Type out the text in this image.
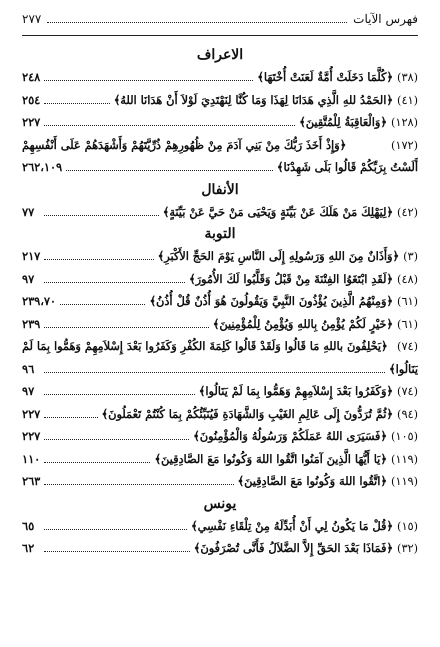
فهرس الآيات
٢٧٧
الاعراف
(٣٨)
﴿كُلَّمَا دَخَلَتْ أُمَّةٌ لَعَنَتْ أُخْتَهَا﴾
٢٤٨
(٤١)
﴿الحَمْدُ للهِ الَّذِي هَدَانَا لِهَذَا وَمَا كُنَّا لِنَهْتَدِيَ لَوْلاَ أَنْ هَدَانَا اللهُ﴾
٢٥٤
(١٢٨)
﴿وَالْعَاقِبَةُ لِلْمُتَّقِينَ﴾
٢٢٧
(١٧٢)
﴿وَإِذْ أَخَذَ رَبُّكَ مِنْ بَنِي آدَمَ مِنْ ظُهُورِهِمْ ذُرِّيَّتَهُمْ وَأَشْهَدَهُمْ عَلَى أَنْفُسِهِمْ
أَلَسْتُ بِرَبِّكُمْ قَالُوا بَلَى شَهِدْنَا﴾
٢٦٢،١٠٩
الأنفال
(٤٢)
﴿لِيَهْلِكَ مَنْ هَلَكَ عَنْ بَيِّنَةٍ وَيَحْيَى مَنْ حَيَّ عَنْ بَيِّنَةٍ﴾
٧٧
التوبة
(٣)
﴿وَأَذَانٌ مِنَ اللهِ وَرَسُولِهِ إِلَى النَّاسِ يَوْمَ الحَجِّ الأَكْبَرِ﴾
٢١٧
(٤٨)
﴿لَقَدِ ابْتَغَوُا الفِتْنَةَ مِنْ قَبْلُ وَقَلَّبُوا لَكَ الأُمُورَ﴾
٩٧
(٦١)
﴿وَمِنْهُمُ الَّذِينَ يُؤْذُونَ النَّبِيَّ وَيَقُولُونَ هُوَ أُذُنٌ قُلْ أُذُنُ﴾
٢٣٩،٧٠
(٦١)
﴿خَيْرٍ لَكُمْ يُؤْمِنُ بِاللهِ وَيُؤْمِنُ لِلْمُؤْمِنِينَ﴾
٢٣٩
(٧٤)
﴿يَحْلِفُونَ باللهِ مَا قَالُوا وَلَقَدْ قَالُوا كَلِمَةَ الكُفْرِ وَكَفَرُوا بَعْدَ إِسْلاَمِهِمْ وَهَمُّوا بِمَا لَمْ
يَنَالُوا﴾
٩٦
(٧٤)
﴿وَكَفَرُوا بَعْدَ إِسْلاَمِهِمْ وَهَمُّوا بِمَا لَمْ يَنَالُوا﴾
٩٧
(٩٤)
﴿ثُمَّ تُرَدُّونَ إِلَى عَالِمِ الغَيْبِ وَالشَّهَادَةِ فَيُنَبِّئُكُمْ بِمَا كُنْتُمْ تَعْمَلُونَ﴾
٢٢٧
(١٠٥)
﴿فَسَيَرَى اللهُ عَمَلَكُمْ وَرَسُولُهُ وَالْمُؤْمِنُونَ﴾
٢٢٧
(١١٩)
﴿يَا أَيُّهَا الَّذِينَ آمَنُوا اتَّقُوا اللهَ وَكُونُوا مَعَ الصَّادِقِينَ﴾
١١٠
(١١٩)
﴿اتَّقُوا اللهَ وَكُونُوا مَعَ الصَّادِقِينَ﴾
٢٦٣
يونس
(١٥)
﴿قُلْ مَا يَكُونُ لِي أَنْ أُبَدِّلَهُ مِنْ تِلْقَاءِ نَفْسِي﴾
٦٥
(٣٢)
﴿فَمَاذَا بَعْدَ الحَقِّ إِلاَّ الضَّلاَلُ فَأَنَّى تُصْرَفُونَ﴾
٦٢
